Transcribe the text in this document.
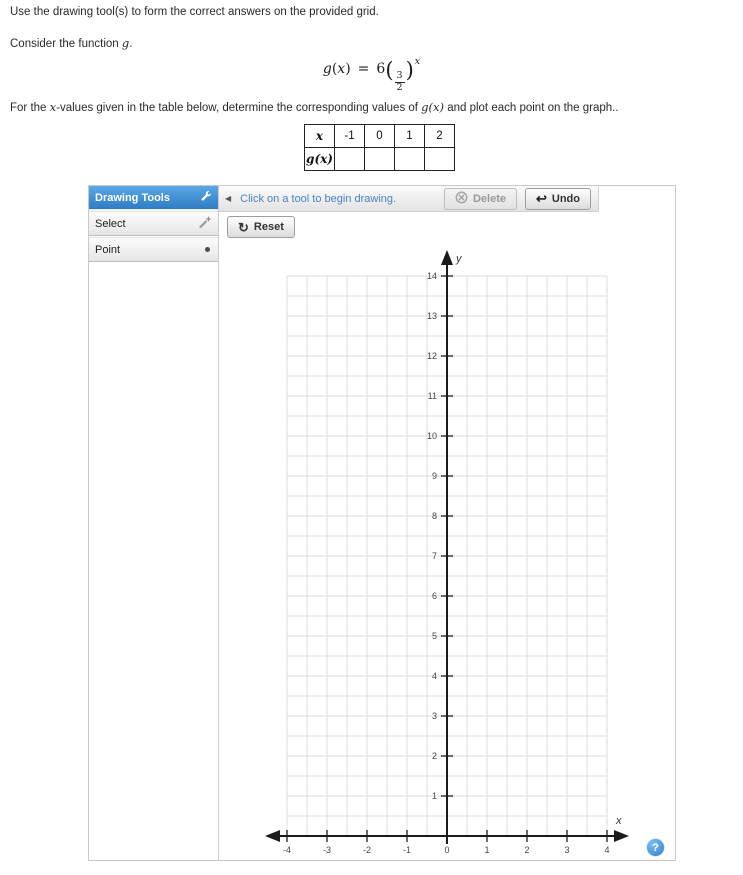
Use the drawing tool(s) to form the correct answers on the provided grid.

Consider the function g.

g(x) = 6(
$\frac{3}{2}$
)$^x$

For the x-values given in the table below, determine the corresponding values of g(x) and plot each point on the graph..

x	-1	0	1	2
g(x)				
Drawing Tools
Select
Point
◀ Click on a tool to begin drawing.	Delete ↩ Undo
↻ Reset
1
2
3
4
5
6
7
8
9
10
11
12
13
14
-4	-3	-2	-1	0	1	2	3	4
y
x
?
